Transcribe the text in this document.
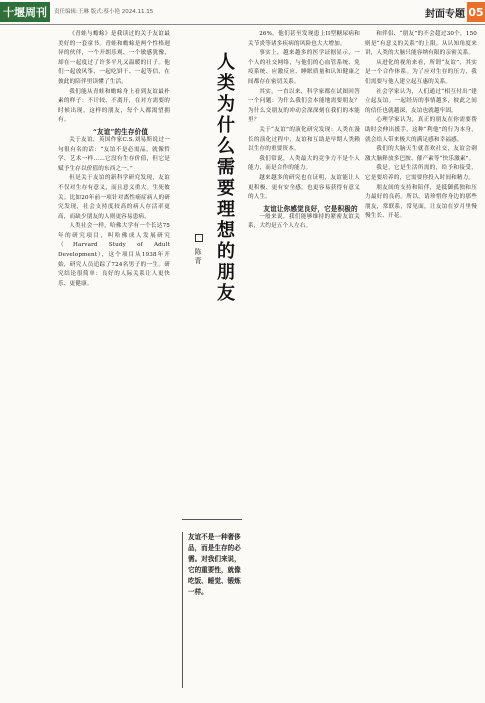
十堰周刊	责任编辑:王琳 版式:蔡小艳 2024.11.15	封面专题 05

《青蛙与蟾蜍》是我读过的关于友谊最美好的一套童书。青蛙和蟾蜍是两个性格迥异的伙伴，一个开朗乐观、一个敏感犹豫，却在一起度过了许多平凡又温暖的日子。他们一起放风筝、一起吃饼干、一起等信，在彼此的陪伴里读懂了生活。

我们能从青蛙和蟾蜍身上看到友谊最朴素的样子：不计较、不离开，在对方需要的时候出现。这样的朋友，每个人都渴望拥有。

“友谊”的生存价值

关于友谊，英国作家C.S.刘易斯说过一句很有名的话：“友谊不是必需品，就像哲学、艺术一样……它没有生存价值，但它是赋予生存以价值的东西之一。”

但是关于友谊的新科学研究发现，友谊不仅对生存有意义，而且意义重大。生死攸关。比如20年前一项针对离性癌症病人的研究发现，社会支持度较高的病人存活率更高，而缺少朋友的人则更容易患病。

人类社会一样，哈佛大学有一个长达75年的研究项目，叫哈佛成人发展研究（Harvard Study of Adult Development），这个项目从1938年开始，研究人员追踪了724名男子的一生。研究结论很简单：良好的人际关系让人更快乐、更健康。	人类为什么需要理想的朋友
陈青
友谊不是一种奢侈品，而是生存的必需。对我们来说，它的重要性，就像吃饭、睡觉、锻炼一样。

26%。他们甚至发现患上II型糖尿病和关节炎等诸多疾病的风险也大大增加。

事实上，越来越多的医学证据显示，一个人的社交网络，与他们的心血管系统、免疫系统、应激反应、睡眠质量和认知健康之间都存在密切关系。

其实，一直以来，科学家都在试图回答一个问题：为什么我们会本能地需要朋友？为什么交朋友的冲动会深深刻在我们的本能里？

关于“友谊”的演化研究发现：人类在漫长的演化过程中，友谊和互助是早期人类赖以生存的重要资本。

我们常说，人类最大的竞争力不是个人能力，而是合作的能力。

越来越多的研究也在证明，友谊能让人更积极、更有安全感，也更容易获得有意义的人生。

友谊让你感觉良好，它是积极的

一般来说，我们能够维持的紧密友谊关系，大约是五个人左右。

和伴侣、“朋友”的不会超过30个，150则是“有意义的关系”的上限。从认知角度来讲，人类的大脑只能容纳有限的亲密关系。

从进化的视角来看，所谓“友谊”，其实是一个合作体系。为了应对生存的压力，我们需要与他人建立起互惠的关系。

社会学家认为，人们通过“相互付出”建立起友谊。一起经历的事情越多，彼此之间的信任也就越深，友谊也就越牢固。

心理学家认为，真正的朋友在你需要帮助时会伸出援手，这种“利他”的行为本身，就会给人带来极大的满足感和幸福感。

我们的大脑天生就喜欢社交，友谊会刺激大脑释放多巴胺、催产素等“快乐激素”。

我是，它是生活所需的，给予和接受，它是要培养的，它需要你投入时间和精力。

朋友间的支持和陪伴，是抵御孤独和压力最好的良药。所以，请珍惜你身边的那些朋友，常联系，常见面，让友谊在岁月里慢慢生长、开花。
